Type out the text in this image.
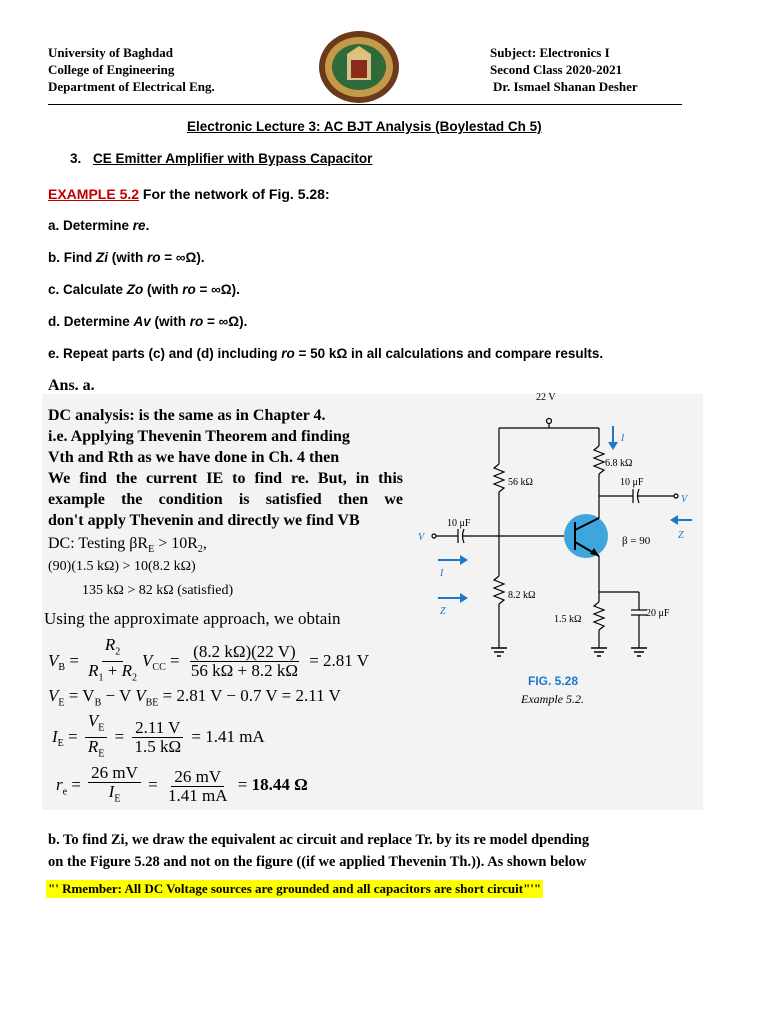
University of Baghdad
College of Engineering
Department of Electrical Eng.
Subject: Electronics I
Second Class 2020-2021
Dr. Ismael Shanan Desher
Electronic Lecture 3: AC BJT Analysis (Boylestad Ch 5)
3. CE Emitter Amplifier with Bypass Capacitor
EXAMPLE 5.2 For the network of Fig. 5.28:
a. Determine re.
b. Find Zi (with ro = ∞Ω).
c. Calculate Zo (with ro = ∞Ω).
d. Determine Av (with ro = ∞Ω).
e. Repeat parts (c) and (d) including ro = 50 kΩ in all calculations and compare results.
Ans. a.
DC analysis: is the same as in Chapter 4.
i.e. Applying Thevenin Theorem and finding
Vth and Rth as we have done in Ch. 4 then
We find the current IE to find re. But, in this
example the condition is satisfied then we
don't apply Thevenin and directly we find VB
DC: Testing $\beta R_E > 10R_2$,
(90)(1.5 kΩ) > 10(8.2 kΩ)
135 kΩ > 82 kΩ (satisfied)
Using the approximate approach, we obtain
$V_B = \frac{R_2}{R_1 + R_2} V_{CC} = \frac{(8.2 k\Omega)(22 V)}{56 k\Omega + 8.2 k\Omega} = 2.81$ V
$V_E = V_B - V$ $V_{BE} = 2.81$ V − 0.7 V = 2.11 V
$I_E = \frac{V_E}{R_E} = \frac{2.11 V}{1.5 k\Omega} = 1.41$ mA
$r_e = \frac{26 mV}{I_E} = \frac{26 mV}{1.41 mA} = 18.44$ Ω
22 V
56 kΩ
6.8 kΩ
10 μF
10 μF
8.2 kΩ
1.5 kΩ
20 μF
β = 90
V
I
Z
I
V
Z
FIG. 5.28
Example 5.2.
b. To find Zi, we draw the equivalent ac circuit and replace Tr. by its re model dpending
on the Figure 5.28 and not on the figure ((if we applied Thevenin Th.)). As shown below
"' Rmember: All DC Voltage sources are grounded and all capacitors are short circuit"'"
